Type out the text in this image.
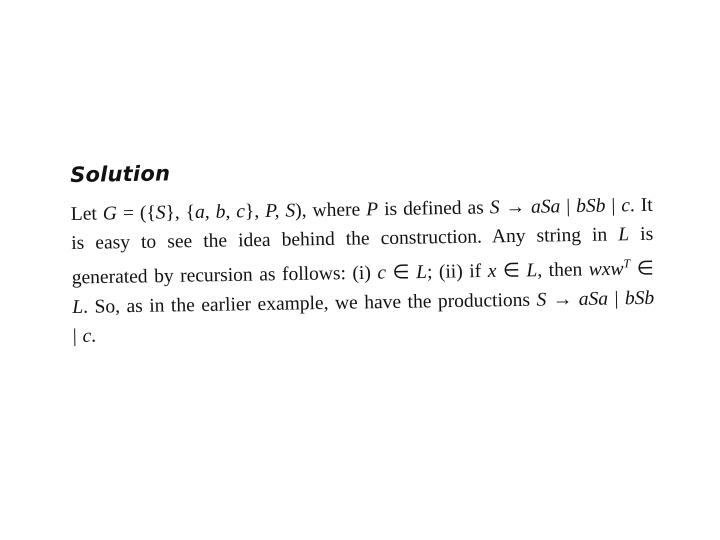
Solution

Let G = ({S}, {a, b, c}, P, S), where P is defined as S → aSa | bSb | c. It is easy to see the idea behind the construction. Any string in L is generated by recursion as follows: (i) c ∈ L; (ii) if x ∈ L, then wxw$^T$ ∈ L. So, as in the earlier example, we have the productions S → aSa | bSb | c.
